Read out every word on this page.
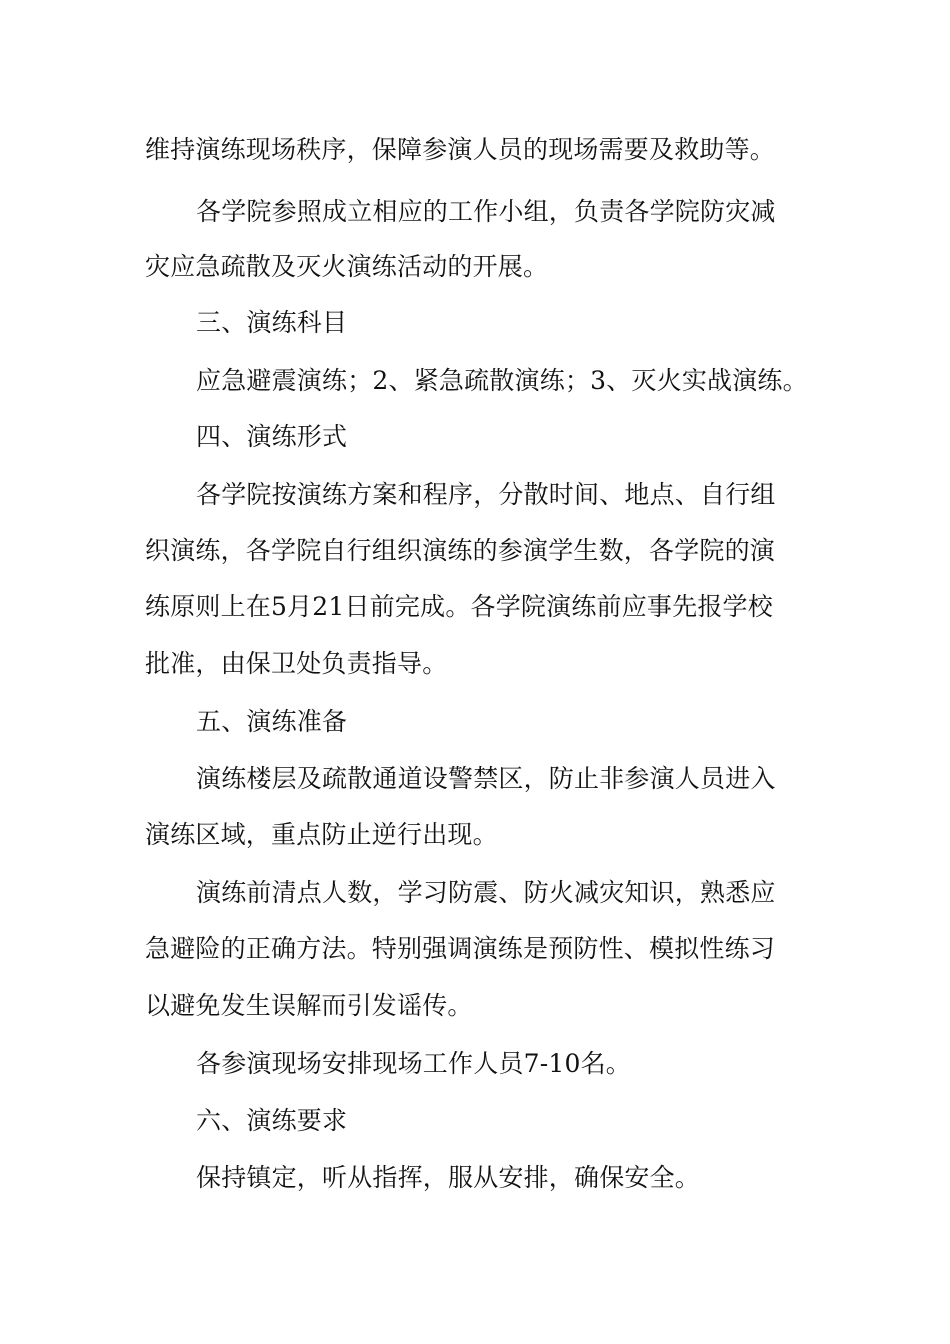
维持演练现场秩序，保障参演人员的现场需要及救助等。
各学院参照成立相应的工作小组，负责各学院防灾减
灾应急疏散及灭火演练活动的开展。
三、演练科目
应急避震演练；2、紧急疏散演练；3、灭火实战演练。
四、演练形式
各学院按演练方案和程序，分散时间、地点、自行组
织演练，各学院自行组织演练的参演学生数，各学院的演
练原则上在5月21日前完成。各学院演练前应事先报学校
批准，由保卫处负责指导。
五、演练准备
演练楼层及疏散通道设警禁区，防止非参演人员进入
演练区域，重点防止逆行出现。
演练前清点人数，学习防震、防火减灾知识，熟悉应
急避险的正确方法。特别强调演练是预防性、模拟性练习
以避免发生误解而引发谣传。
各参演现场安排现场工作人员7-10名。
六、演练要求
保持镇定，听从指挥，服从安排，确保安全。
